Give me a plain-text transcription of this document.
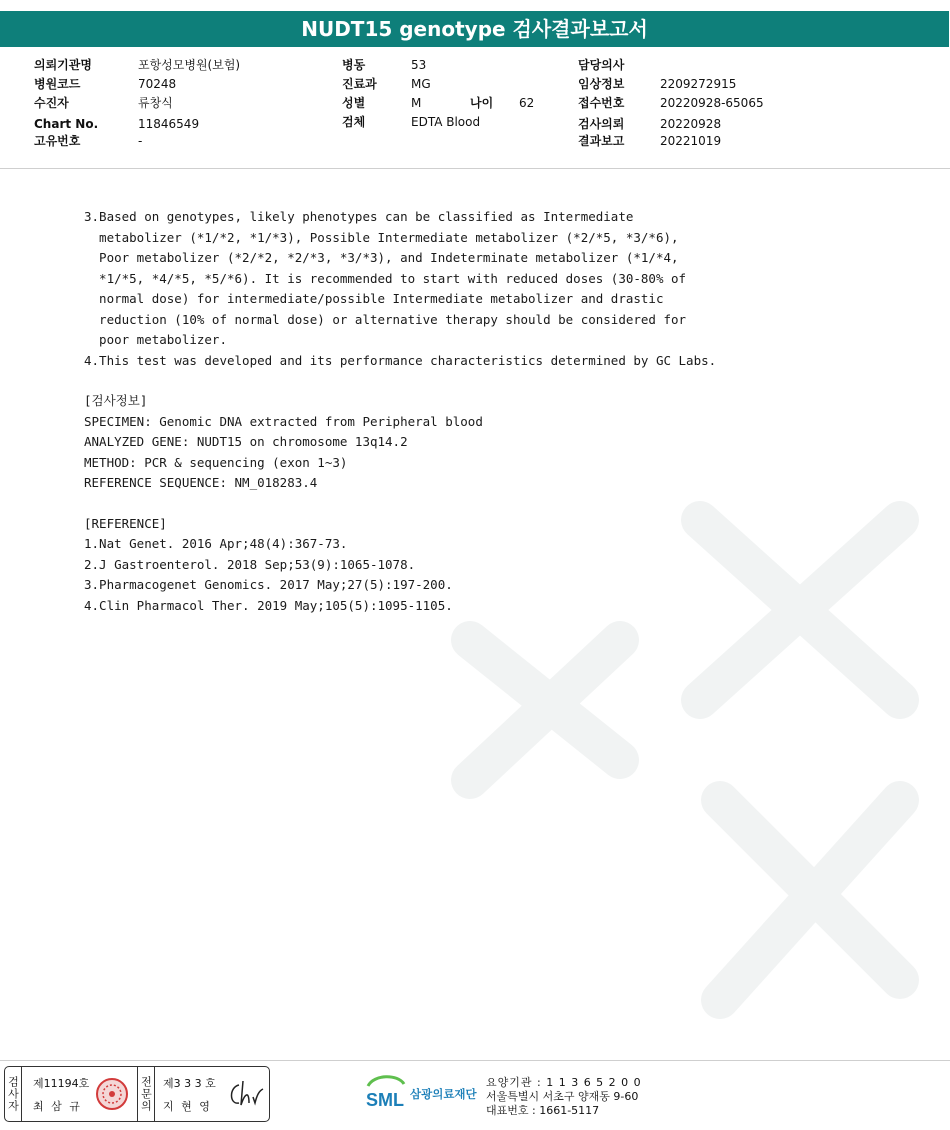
NUDT15 genotype 검사결과보고서
의뢰기관명	포항성모병원(보험)
병원코드	70248
수진자	류창식
Chart No.	11846549
고유번호	-
병동	53
진료과	MG
성별	M	나이 62
검체	EDTA Blood
담당의사
임상정보	2209272915
접수번호	20220928-65065
검사의뢰	20220928
결과보고	20221019

3.Based on genotypes, likely phenotypes can be classified as Intermediate

metabolizer (*1/*2, *1/*3), Possible Intermediate metabolizer (*2/*5, *3/*6),

Poor metabolizer (*2/*2, *2/*3, *3/*3), and Indeterminate metabolizer (*1/*4,

*1/*5, *4/*5, *5/*6). It is recommended to start with reduced doses (30-80% of

normal dose) for intermediate/possible Intermediate metabolizer and drastic

reduction (10% of normal dose) or alternative therapy should be considered for

poor metabolizer.

4.This test was developed and its performance characteristics determined by GC Labs.

[검사정보]

SPECIMEN: Genomic DNA extracted from Peripheral blood

ANALYZED GENE: NUDT15 on chromosome 13q14.2

METHOD: PCR & sequencing (exon 1~3)

REFERENCE SEQUENCE: NM_018283.4

[REFERENCE]

1.Nat Genet. 2016 Apr;48(4):367-73.

2.J Gastroenterol. 2018 Sep;53(9):1065-1078.

3.Pharmacogenet Genomics. 2017 May;27(5):197-200.

4.Clin Pharmacol Ther. 2019 May;105(5):1095-1105.

검사자 제11194호
최 삼 규	전문의 제3 3 3 호
지 현 영	SML 삼광의료재단
요양기관 : 1 1 3 6 5 2 0 0
서울특별시 서초구 양재동 9-60
대표번호 : 1661-5117
